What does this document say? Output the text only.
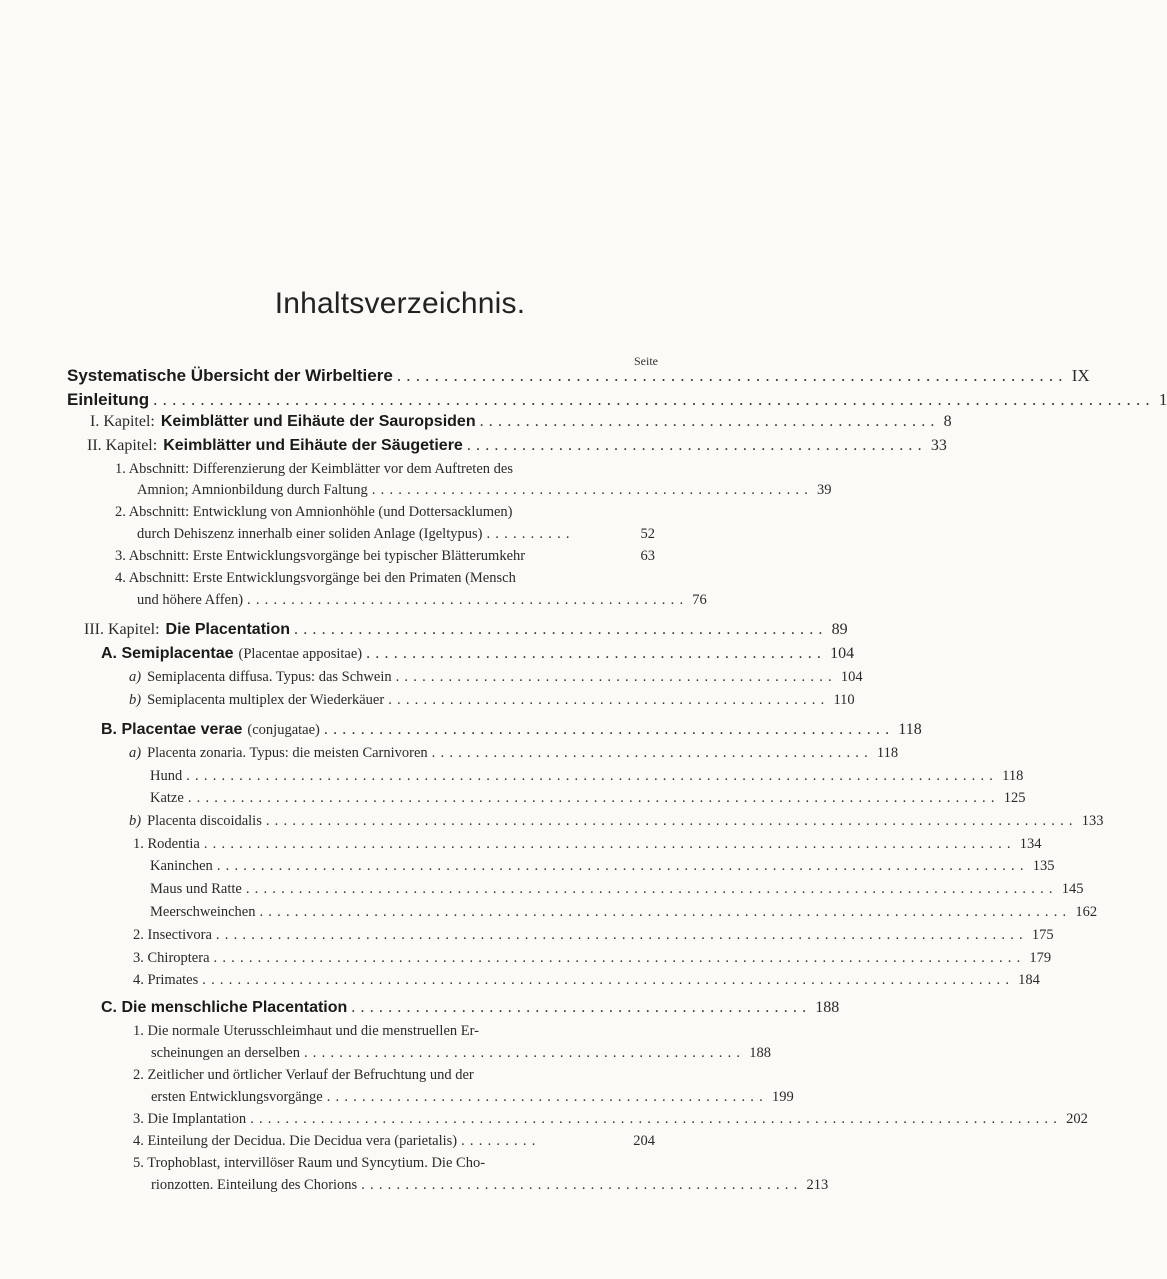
Inhaltsverzeichnis.
Seite
Systematische Übersicht der Wirbeltiere ....................................................................... IX
Einleitung .......................................................................................................... 1
I. Kapitel: Keimblätter und Eihäute der Sauropsiden .................................................. 8
II. Kapitel: Keimblätter und Eihäute der Säugetiere .................................................. 33
1. Abschnitt: Differenzierung der Keimblätter vor dem Auftreten des
Amnion; Amnionbildung durch Faltung .................................................. 39
2. Abschnitt: Entwicklung von Amnionhöhle (und Dottersacklumen)
durch Dehiszenz innerhalb einer soliden Anlage (Igeltypus) ..........	52
3. Abschnitt: Erste Entwicklungsvorgänge bei typischer Blätterumkehr	63
4. Abschnitt: Erste Entwicklungsvorgänge bei den Primaten (Mensch
und höhere Affen) .................................................. 76
III. Kapitel: Die Placentation .......................................................... 89
A. Semiplacentae (Placentae appositae) .................................................. 104
a) Semiplacenta diffusa. Typus: das Schwein .................................................. 104
b) Semiplacenta multiplex der Wiederkäuer .................................................. 110
B. Placentae verae (conjugatae) .............................................................. 118
a) Placenta zonaria. Typus: die meisten Carnivoren .................................................. 118
Hund ............................................................................................ 118
Katze ............................................................................................ 125
b) Placenta discoidalis ............................................................................................ 133
1. Rodentia ............................................................................................ 134
Kaninchen ............................................................................................ 135
Maus und Ratte ............................................................................................ 145
Meerschweinchen ............................................................................................ 162
2. Insectivora ............................................................................................ 175
3. Chiroptera ............................................................................................ 179
4. Primates ............................................................................................ 184
C. Die menschliche Placentation .................................................. 188
1. Die normale Uterusschleimhaut und die menstruellen Er-
scheinungen an derselben .................................................. 188
2. Zeitlicher und örtlicher Verlauf der Befruchtung und der
ersten Entwicklungsvorgänge .................................................. 199
3. Die Implantation ............................................................................................ 202
4. Einteilung der Decidua. Die Decidua vera (parietalis) .........	204
5. Trophoblast, intervillöser Raum und Syncytium. Die Cho-
rionzotten. Einteilung des Chorions .................................................. 213
